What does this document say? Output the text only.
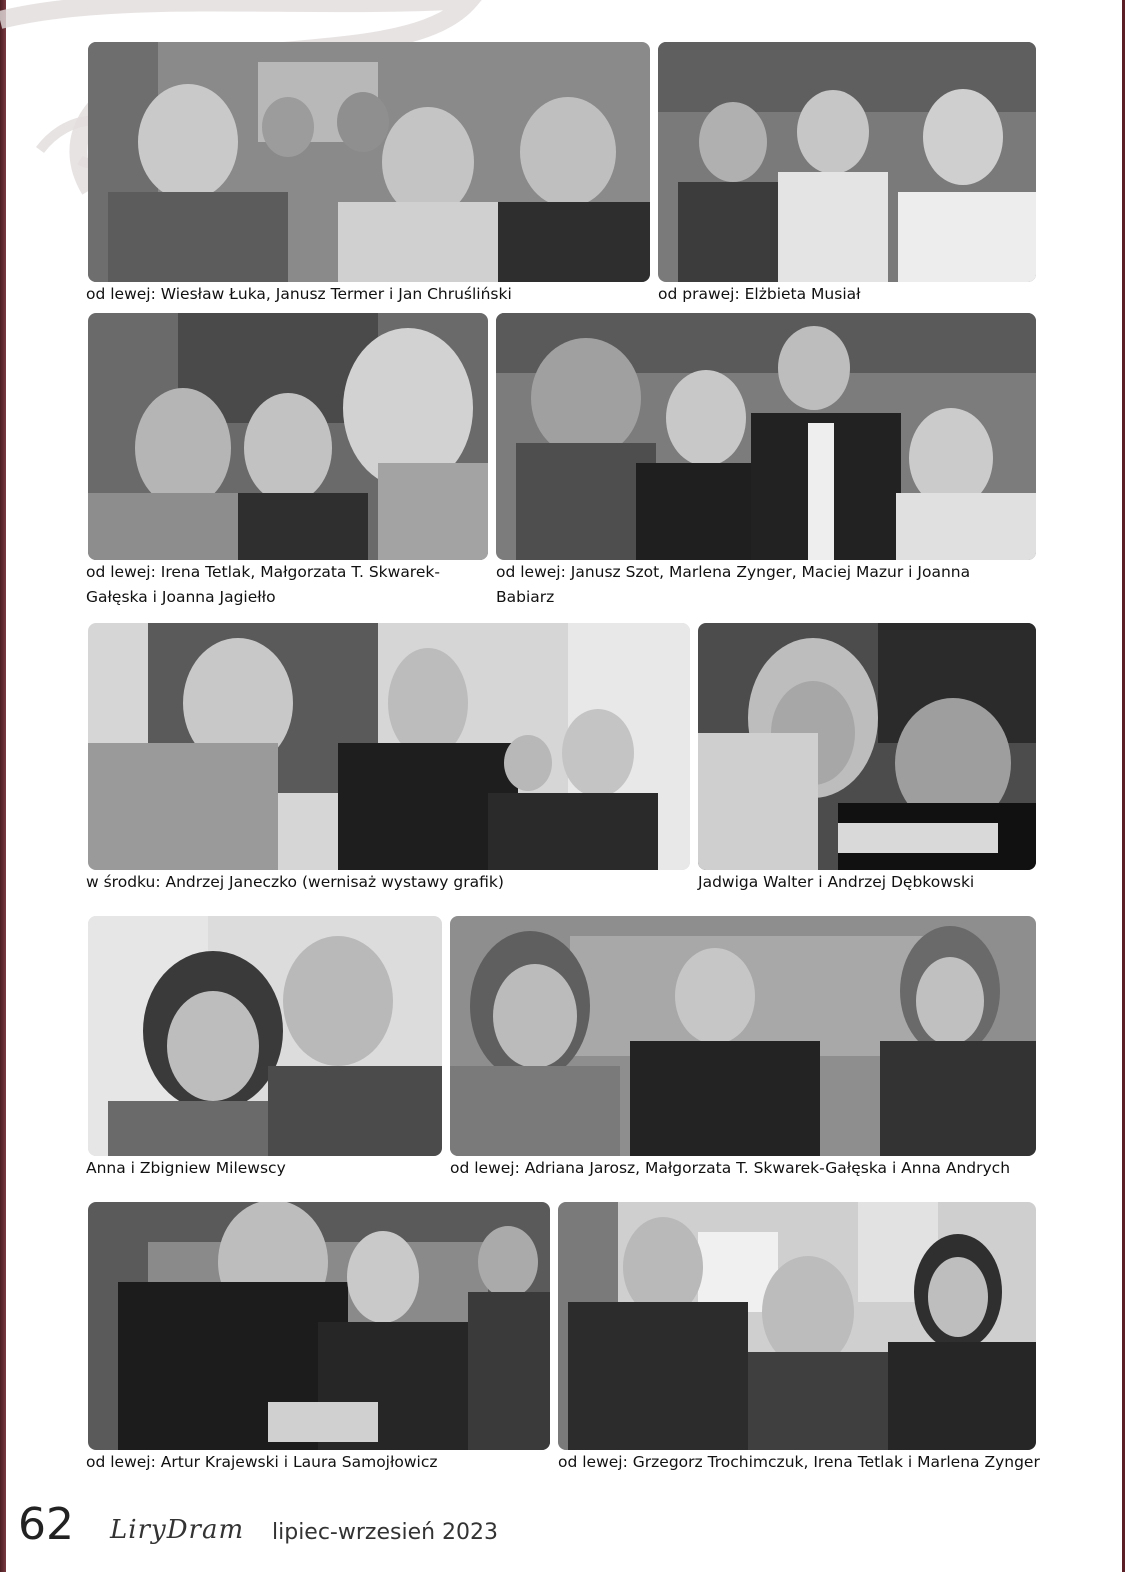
od lewej: Wiesław Łuka, Janusz Termer i Jan Chruśliński	od prawej: Elżbieta Musiał

od lewej: Irena Tetlak, Małgorzata T. Skwarek-

Gałęska i Joanna Jagiełło

od lewej: Janusz Szot, Marlena Zynger, Maciej Mazur i Joanna

Babiarz

w środku: Andrzej Janeczko (wernisaż wystawy grafik)	Jadwiga Walter i Andrzej Dębkowski

Anna i Zbigniew Milewscy	od lewej: Adriana Jarosz, Małgorzata T. Skwarek-Gałęska i Anna Andrych

od lewej: Artur Krajewski i Laura Samojłowicz	od lewej: Grzegorz Trochimczuk, Irena Tetlak i Marlena Zynger

62 LiryDram lipiec-wrzesień 2023
